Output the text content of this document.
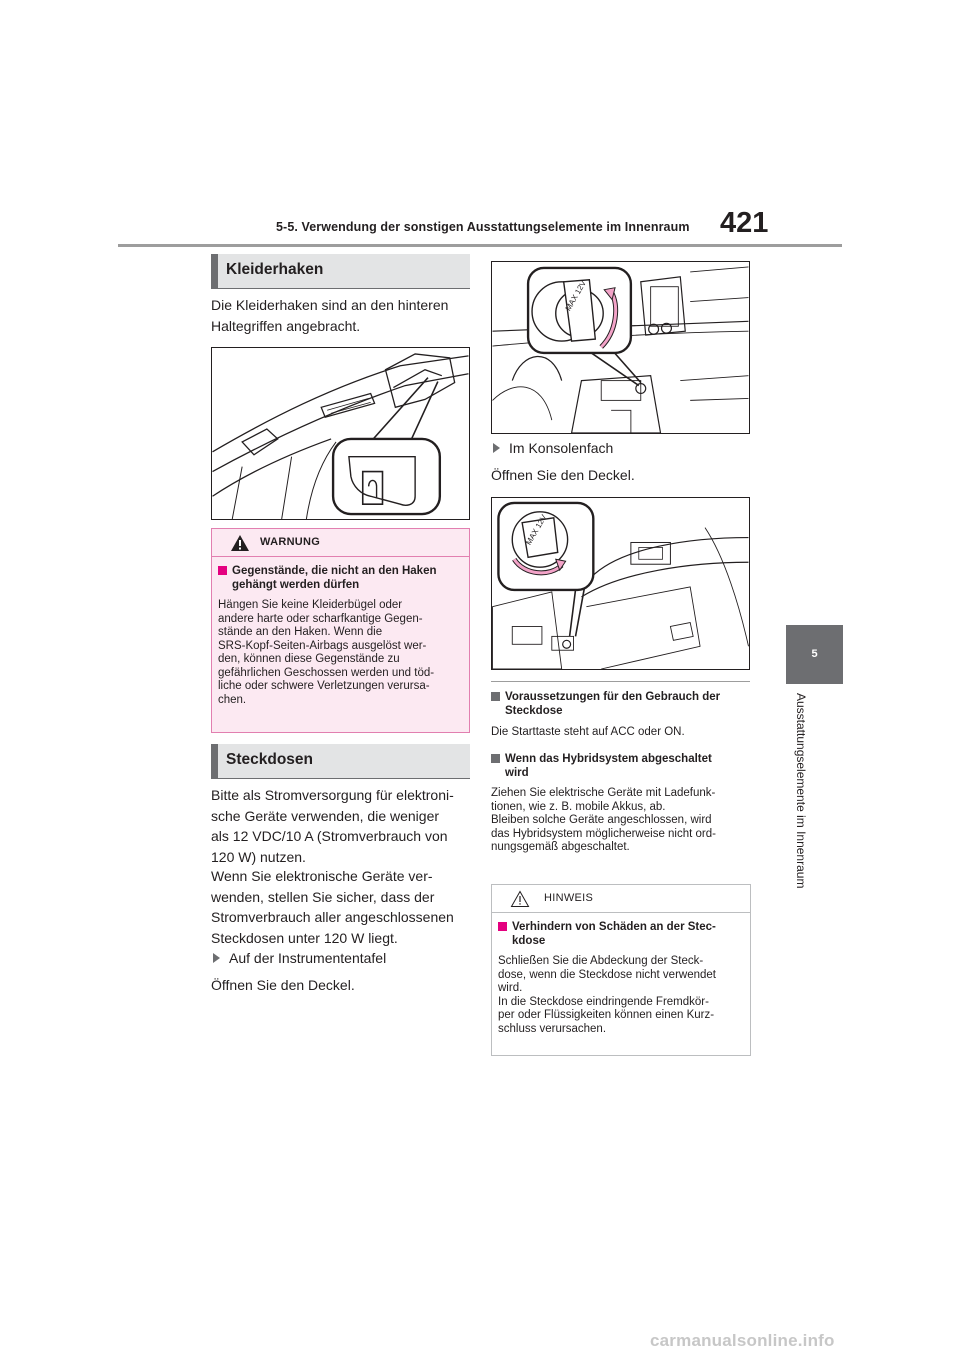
5-5. Verwendung der sonstigen Ausstattungselemente im Innenraum 421
5
Ausstattungselemente im Innenraum
Kleiderhaken
Die Kleiderhaken sind an den hinteren
Haltegriffen angebracht.
WARNUNG
Gegenstände, die nicht an den Haken
gehängt werden dürfen
Hängen Sie keine Kleiderbügel oder
andere harte oder scharfkantige Gegen-
stände an den Haken. Wenn die
SRS-Kopf-Seiten-Airbags ausgelöst wer-
den, können diese Gegenstände zu
gefährlichen Geschossen werden und töd-
liche oder schwere Verletzungen verursa-
chen.
Steckdosen
Bitte als Stromversorgung für elektroni-
sche Geräte verwenden, die weniger
als 12 VDC/10 A (Stromverbrauch von
120 W) nutzen.
Wenn Sie elektronische Geräte ver-
wenden, stellen Sie sicher, dass der
Stromverbrauch aller angeschlossenen
Steckdosen unter 120 W liegt.
Auf der Instrumententafel
Öffnen Sie den Deckel.
MAX 12V
Im Konsolenfach
Öffnen Sie den Deckel.
MAX 12V
Voraussetzungen für den Gebrauch der
Steckdose
Die Starttaste steht auf ACC oder ON.
Wenn das Hybridsystem abgeschaltet
wird
Ziehen Sie elektrische Geräte mit Ladefunk-
tionen, wie z. B. mobile Akkus, ab.
Bleiben solche Geräte angeschlossen, wird
das Hybridsystem möglicherweise nicht ord-
nungsgemäß abgeschaltet.
HINWEIS
Verhindern von Schäden an der Stec-
kdose
Schließen Sie die Abdeckung der Steck-
dose, wenn die Steckdose nicht verwendet
wird.
In die Steckdose eindringende Fremdkör-
per oder Flüssigkeiten können einen Kurz-
schluss verursachen.
carmanualsonline.info
